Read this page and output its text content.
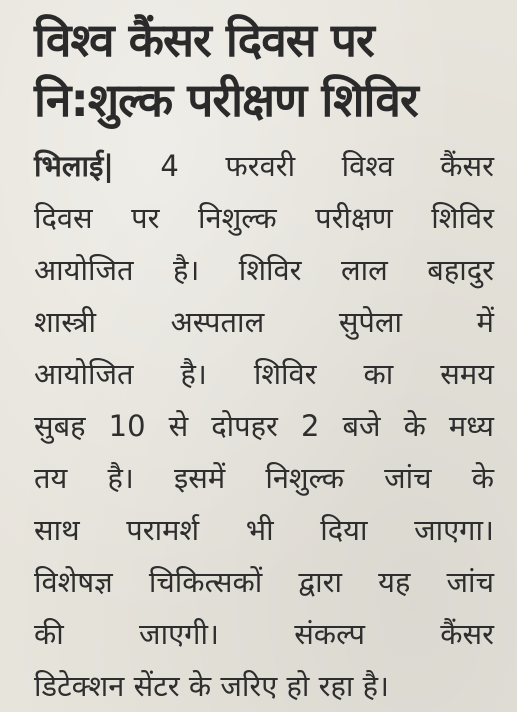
विश्व कैंसर दिवस पर
नि:शुल्क परीक्षण शिविर
भिलाई| 4 फरवरी विश्व कैंसर
दिवस पर निशुल्क परीक्षण शिविर
आयोजित है। शिविर लाल बहादुर
शास्त्री अस्पताल सुपेला में
आयोजित है। शिविर का समय
सुबह 10 से दोपहर 2 बजे के मध्य
तय है। इसमें निशुल्क जांच के
साथ परामर्श भी दिया जाएगा।
विशेषज्ञ चिकित्सकों द्वारा यह जांच
की जाएगी। संकल्प कैंसर
डिटेक्शन सेंटर के जरिए हो रहा है।
